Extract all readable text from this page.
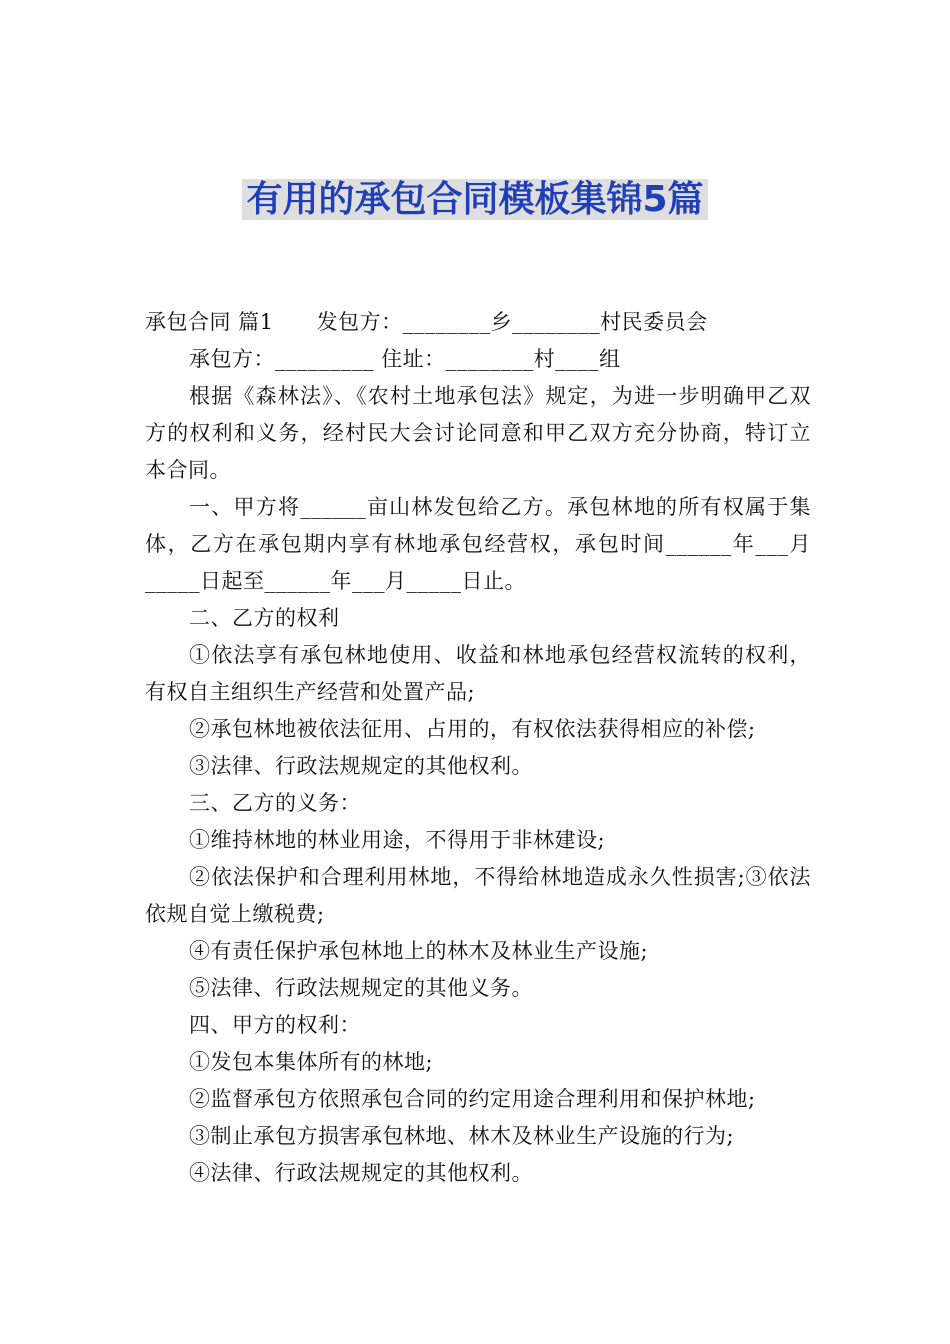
有用的承包合同模板集锦5篇

承包合同 篇1      发包方：________乡________村民委员会

承包方：_________ 住址：________村____组

根据《森林法》、《农村土地承包法》规定，为进一步明确甲乙双方的权利和义务，经村民大会讨论同意和甲乙双方充分协商，特订立本合同。

一、甲方将______亩山林发包给乙方。承包林地的所有权属于集体，乙方在承包期内享有林地承包经营权，承包时间______年___月_____日起至______年___月_____日止。

二、乙方的权利

①依法享有承包林地使用、收益和林地承包经营权流转的权利，有权自主组织生产经营和处置产品;

②承包林地被依法征用、占用的，有权依法获得相应的补偿;

③法律、行政法规规定的其他权利。

三、乙方的义务：

①维持林地的林业用途，不得用于非林建设;

②依法保护和合理利用林地，不得给林地造成永久性损害;③依法依规自觉上缴税费;

④有责任保护承包林地上的林木及林业生产设施;

⑤法律、行政法规规定的其他义务。

四、甲方的权利：

①发包本集体所有的林地;

②监督承包方依照承包合同的约定用途合理利用和保护林地;

③制止承包方损害承包林地、林木及林业生产设施的行为;

④法律、行政法规规定的其他权利。
